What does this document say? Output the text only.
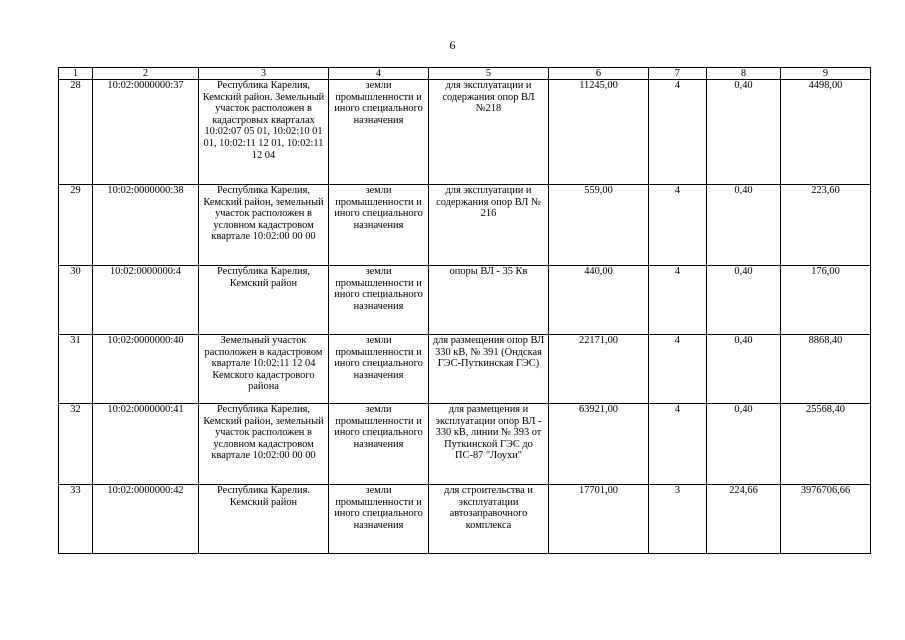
6
1	2	3	4	5	6	7	8	9
28	10:02:0000000:37	Республика Карелия, Кемский район. Земельный участок расположен в кадастровых кварталах 10:02:07 05 01, 10:02:10 01 01, 10:02:11 12 01, 10:02:11 12 04	земли промышленности и иного специального назначения	для эксплуатации и содержания опор ВЛ №218	11245,00	4	0,40	4498,00
29	10:02:0000000:38	Республика Карелия, Кемский район, земельный участок расположен в условном кадастровом квартале 10:02:00 00 00	земли промышленности и иного специального назначения	для эксплуатации и содержания опор ВЛ № 216	559,00	4	0,40	223,60
30	10:02:0000000:4	Республика Карелия, Кемский район	земли промышленности и иного специального назначения	опоры ВЛ - 35 Кв	440,00	4	0,40	176,00
31	10:02:0000000:40	Земельный участок расположен в кадастровом квартале 10:02:11 12 04 Кемского кадастрового района	земли промышленности и иного специального назначения	для размещения опор ВЛ 330 кВ, № 391 (Ондская ГЭС-Путкинская ГЭС)	22171,00	4	0,40	8868,40
32	10:02:0000000:41	Республика Карелия, Кемский район, земельный участок расположен в условном кадастровом квартале 10:02:00 00 00	земли промышленности и иного специального назначения	для размещения и эксплуатации опор ВЛ - 330 кВ, линии № 393 от Путкинской ГЭС до ПС-87 "Лоухи"	63921,00	4	0,40	25568,40
33	10:02:0000000:42	Республика Карелия. Кемский район	земли промышленности и иного специального назначения	для строительства и эксплуатации автозаправочного комплекса	17701,00	3	224,66	3976706,66
